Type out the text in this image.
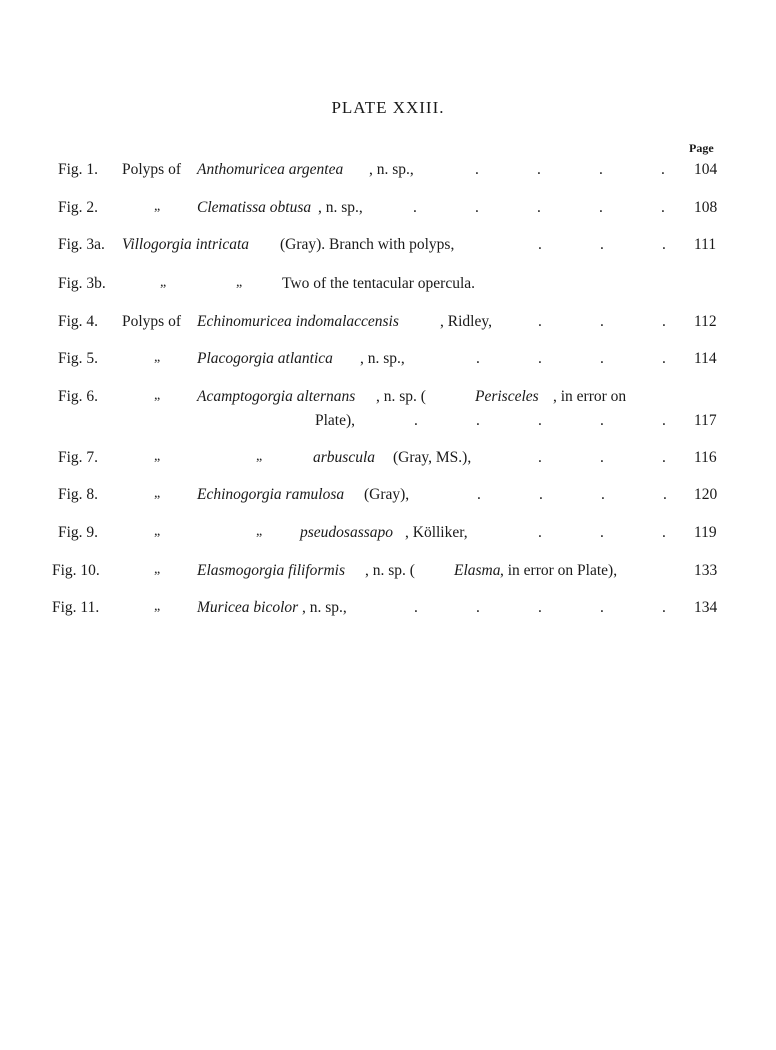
PLATE XXIII.
Page
Fig. 1. Polyps of Anthomuricea argentea , n. sp.,	.	.	.	. 104
Fig. 2.	„ Clematissa obtusa , n. sp.,	.	.	.	.	. 108
Fig. 3a. Villogorgia intricata (Gray). Branch with polyps,	.	.	. 111
Fig. 3b.	„	„	Two of the tentacular opercula.
Fig. 4. Polyps of Echinomuricea indomalaccensis	, Ridley,	.	.	. 112
Fig. 5.	„ Placogorgia atlantica , n. sp.,	.	.	.	. 114
Fig. 6.	„ Acamptogorgia alternans , n. sp. (	Perisceles , in error on
Plate),	.	.	.	.	. 117
Fig. 7.	„	„	arbuscula (Gray, MS.),	.	.	. 116
Fig. 8.	„ Echinogorgia ramulosa (Gray),	.	.	.	. 120
Fig. 9.	„	„ pseudosassapo , Kölliker,	.	.	. 119
Fig. 10.	„ Elasmogorgia filiformis , n. sp. (	Elasma , in error on Plate),	133
Fig. 11.	„ Muricea bicolor , n. sp.,	.	.	.	.	. 134
